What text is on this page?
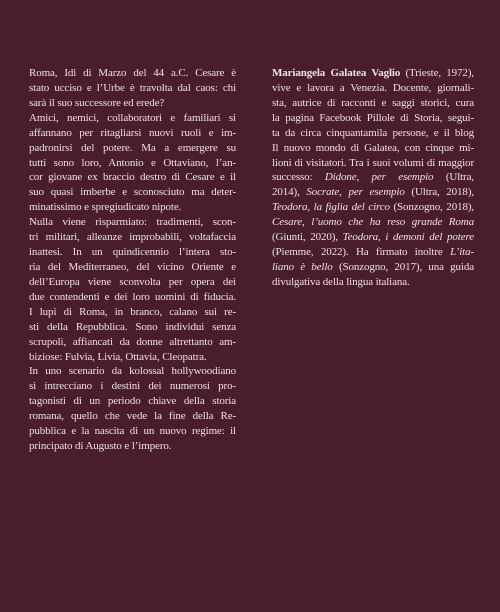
Roma, Idi di Marzo del 44 a.C. Cesare è
stato ucciso e l’Urbe è travolta dal caos: chi
sarà il suo successore ed erede?
Amici, nemici, collaboratori e familiari si
affannano per ritagliarsi nuovi ruoli e im-
padronirsi del potere. Ma a emergere su
tutti sono loro, Antonio e Ottaviano, l’an-
cor giovane ex braccio destro di Cesare e il
suo quasi imberbe e sconosciuto ma deter-
minatissimo e spregiudicato nipote.
Nulla viene risparmiato: tradimenti, scon-
tri militari, alleanze improbabili, voltafaccia
inattesi. In un quindicennio l’intera sto-
ria del Mediterraneo, del vicino Oriente e
dell’Europa viene sconvolta per opera dei
due contendenti e dei loro uomini di fiducia.
I lupi di Roma, in branco, calano sui re-
sti della Repubblica. Sono individui senza
scrupoli, affiancati da donne altrettanto am-
biziose: Fulvia, Livia, Ottavia, Cleopatra.
In uno scenario da kolossal hollywoodiano
si intrecciano i destini dei numerosi pro-
tagonisti di un periodo chiave della storia
romana, quello che vede la fine della Re-
pubblica e la nascita di un nuovo regime: il
principato di Augusto e l’impero.
Mariangela Galatea Vaglio (Trieste, 1972),
vive e lavora a Venezia. Docente, giornali-
sta, autrice di racconti e saggi storici, cura
la pagina Facebook Pillole di Storia, segui-
ta da circa cinquantamila persone, e il blog
Il nuovo mondo di Galatea, con cinque mi-
lioni di visitatori. Tra i suoi volumi di maggior
successo: Didone, per esempio (Ultra,
2014), Socrate, per esempio (Ultra, 2018),
Teodora, la figlia del circo (Sonzogno, 2018),
Cesare, l’uomo che ha reso grande Roma
(Giunti, 2020), Teodora, i demoni del potere
(Piemme, 2022). Ha firmato inoltre L’ita-
liano è bello (Sonzogno, 2017), una guida
divulgativa della lingua italiana.
